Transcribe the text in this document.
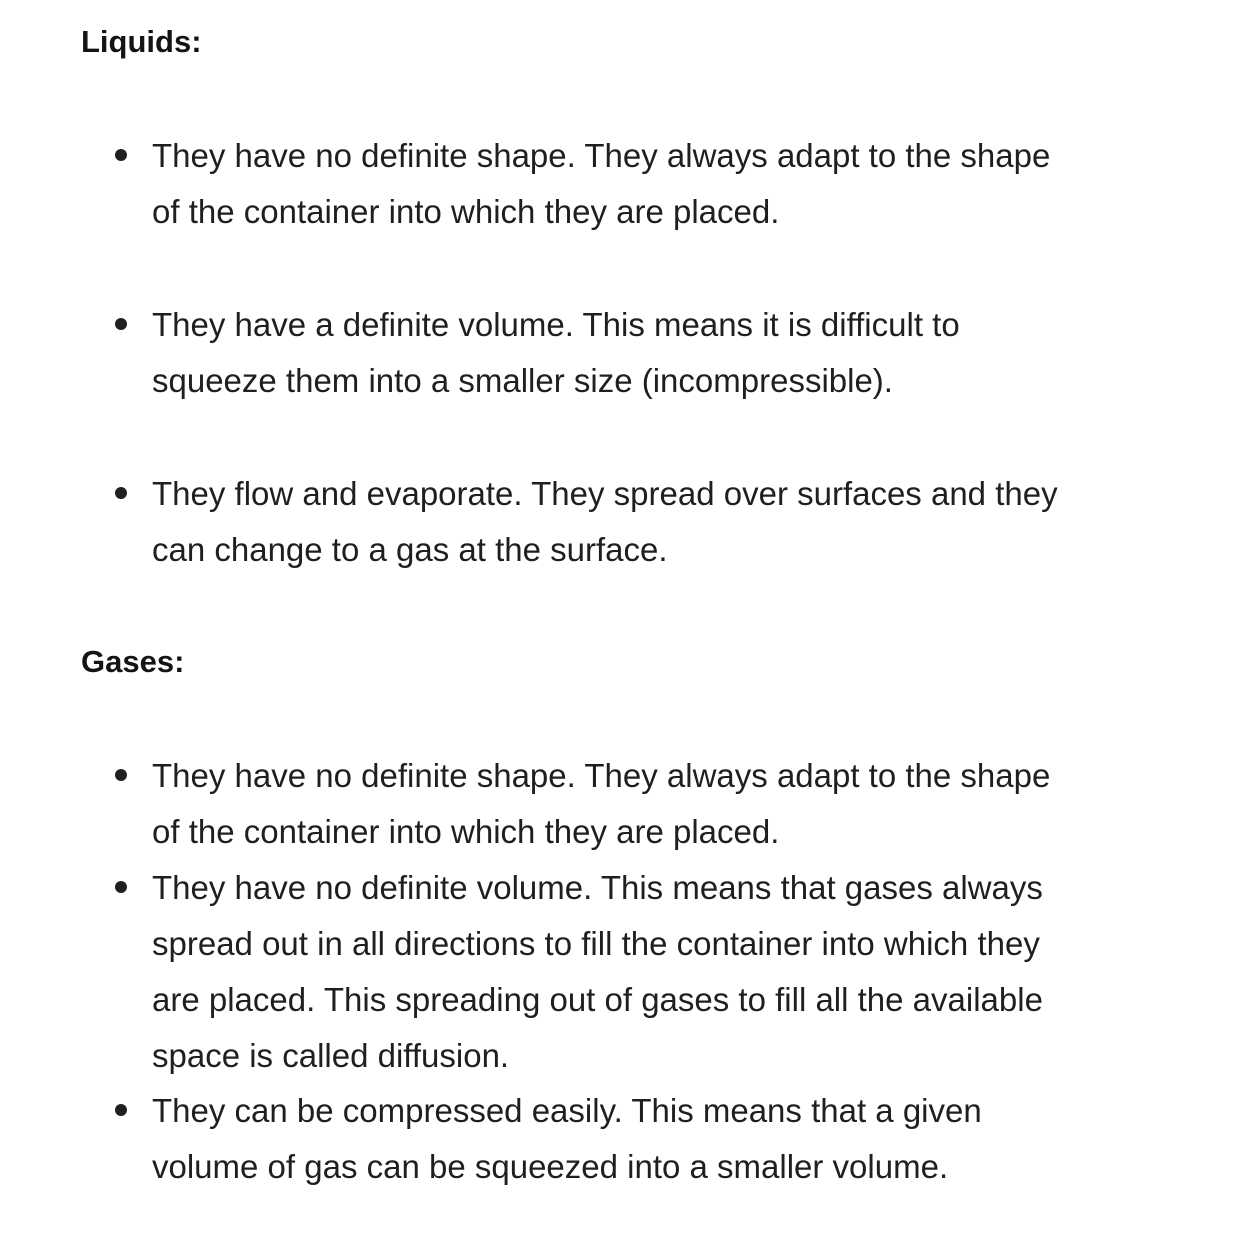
Liquids:

They have no definite shape. They always adapt to the shape

of the container into which they are placed.

They have a definite volume. This means it is difficult to

squeeze them into a smaller size (incompressible).

They flow and evaporate. They spread over surfaces and they

can change to a gas at the surface.

Gases:

They have no definite shape. They always adapt to the shape

of the container into which they are placed.

They have no definite volume. This means that gases always

spread out in all directions to fill the container into which they

are placed. This spreading out of gases to fill all the available

space is called diffusion.

They can be compressed easily. This means that a given

volume of gas can be squeezed into a smaller volume.
